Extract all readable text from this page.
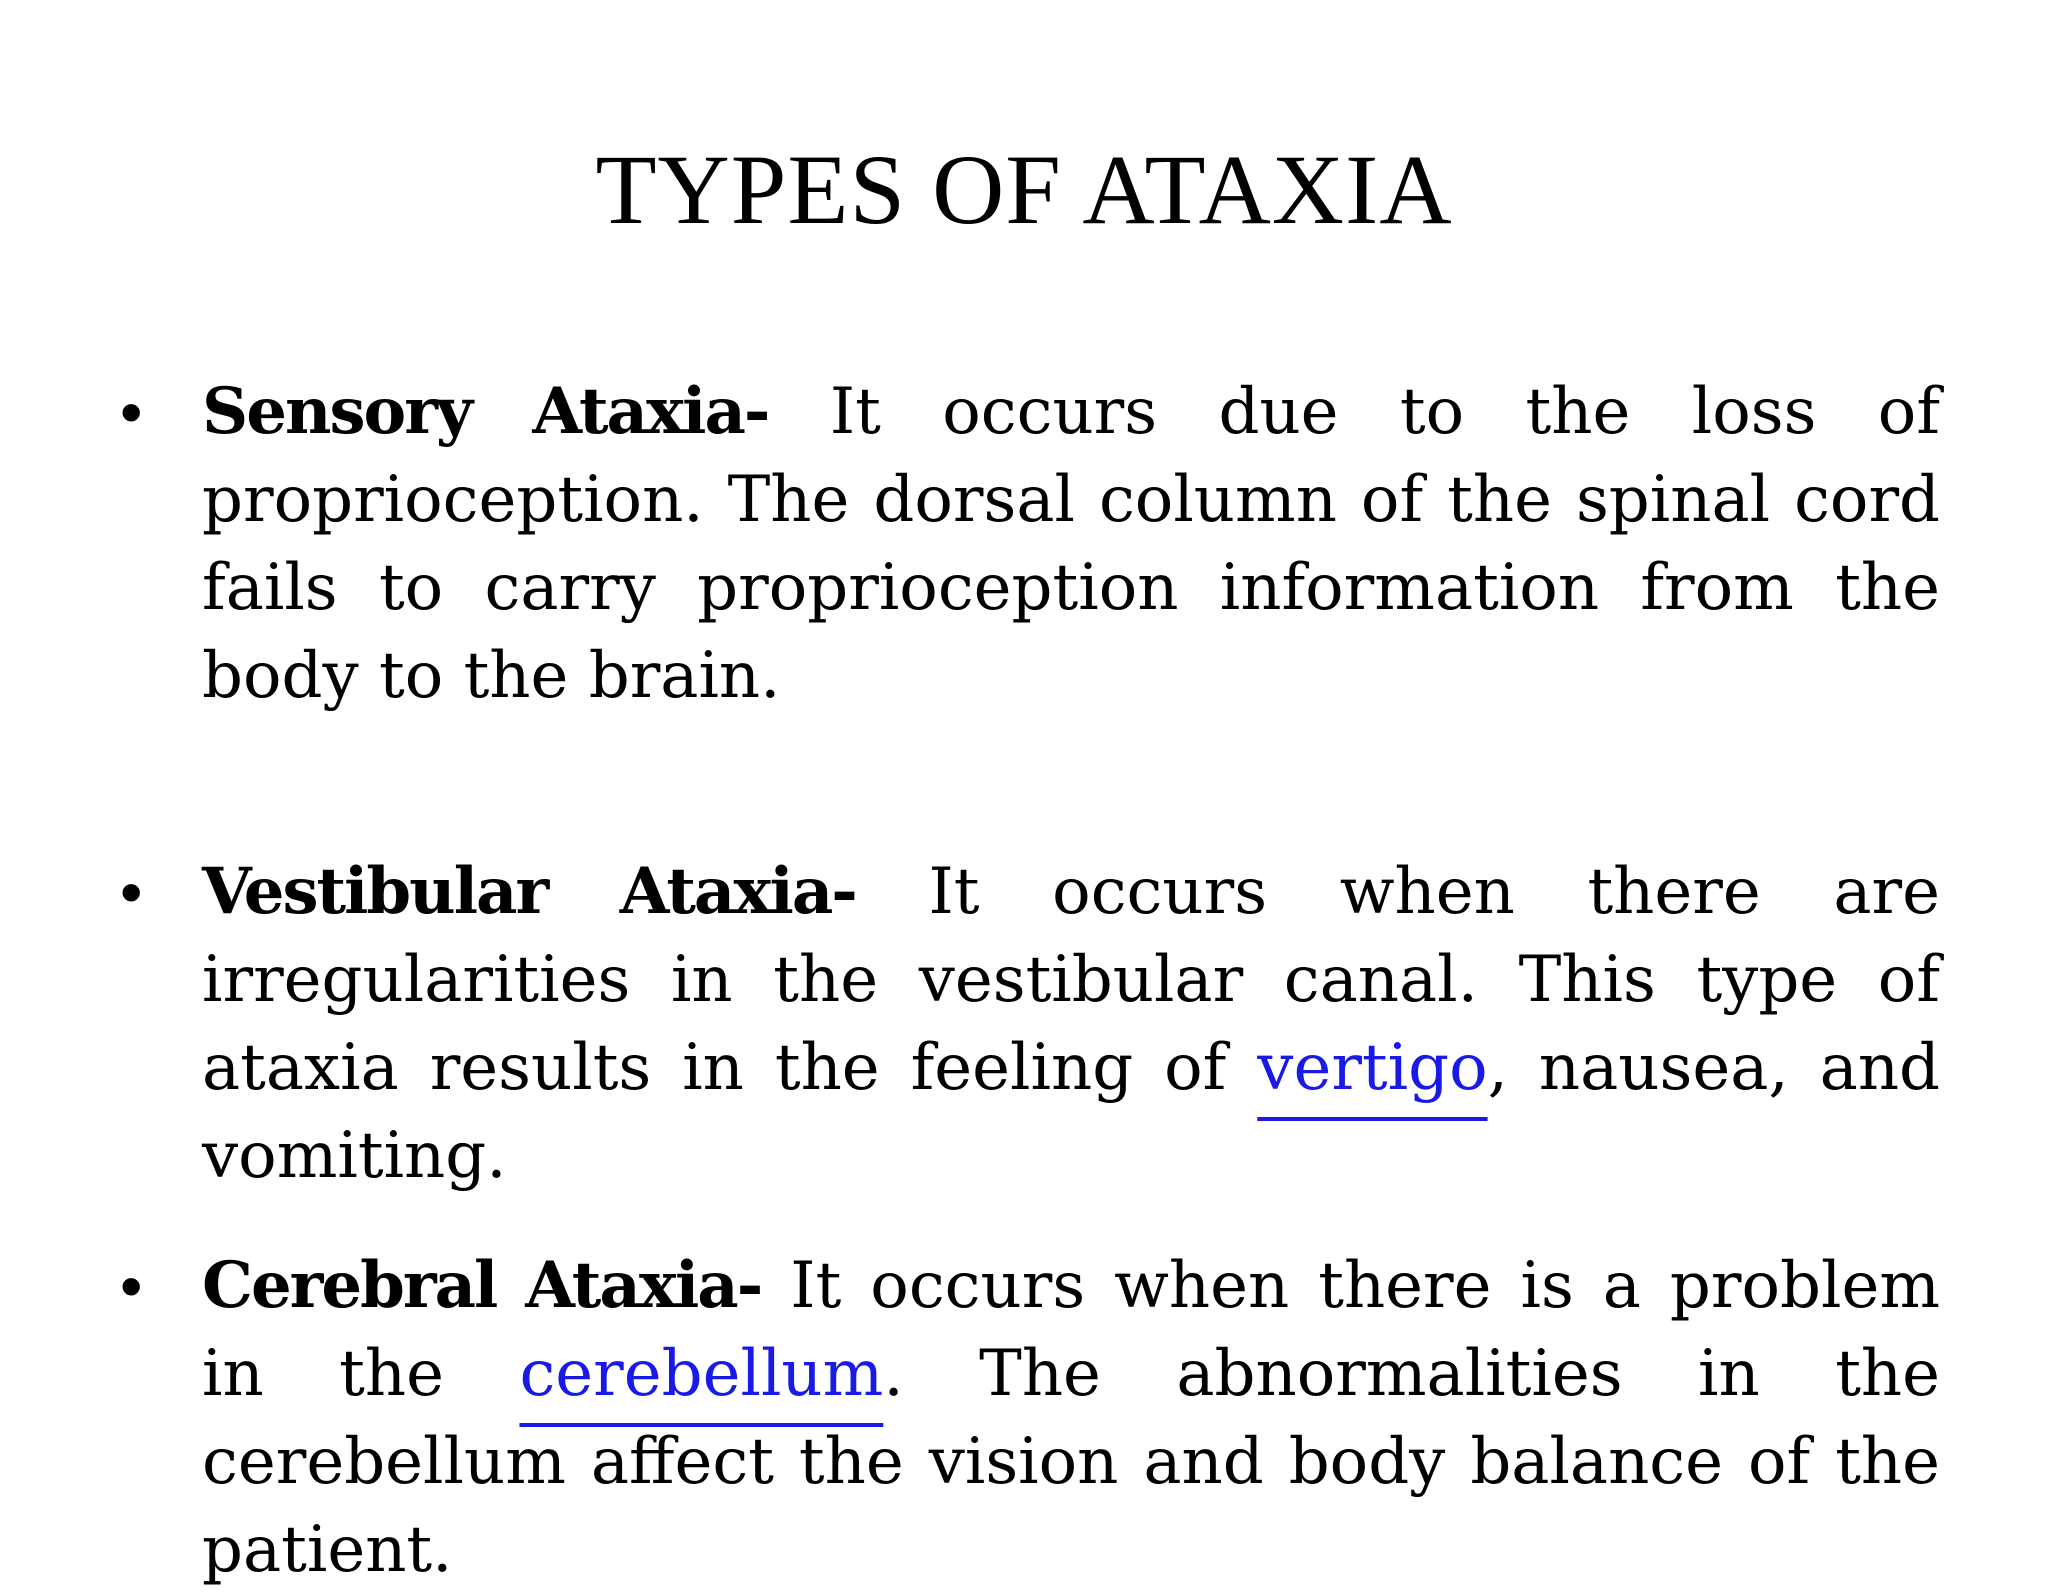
TYPES OF ATAXIA
• Sensory Ataxia- It occurs due to the loss of proprioception. The dorsal column of the spinal cord fails to carry proprioception information from the body to the brain.

• Vestibular Ataxia- It occurs when there are irregularities in the vestibular canal. This type of ataxia results in the feeling of vertigo, nausea, and vomiting.

• Cerebral Ataxia- It occurs when there is a problem in the cerebellum. The abnormalities in the cerebellum affect the vision and body balance of the patient.
